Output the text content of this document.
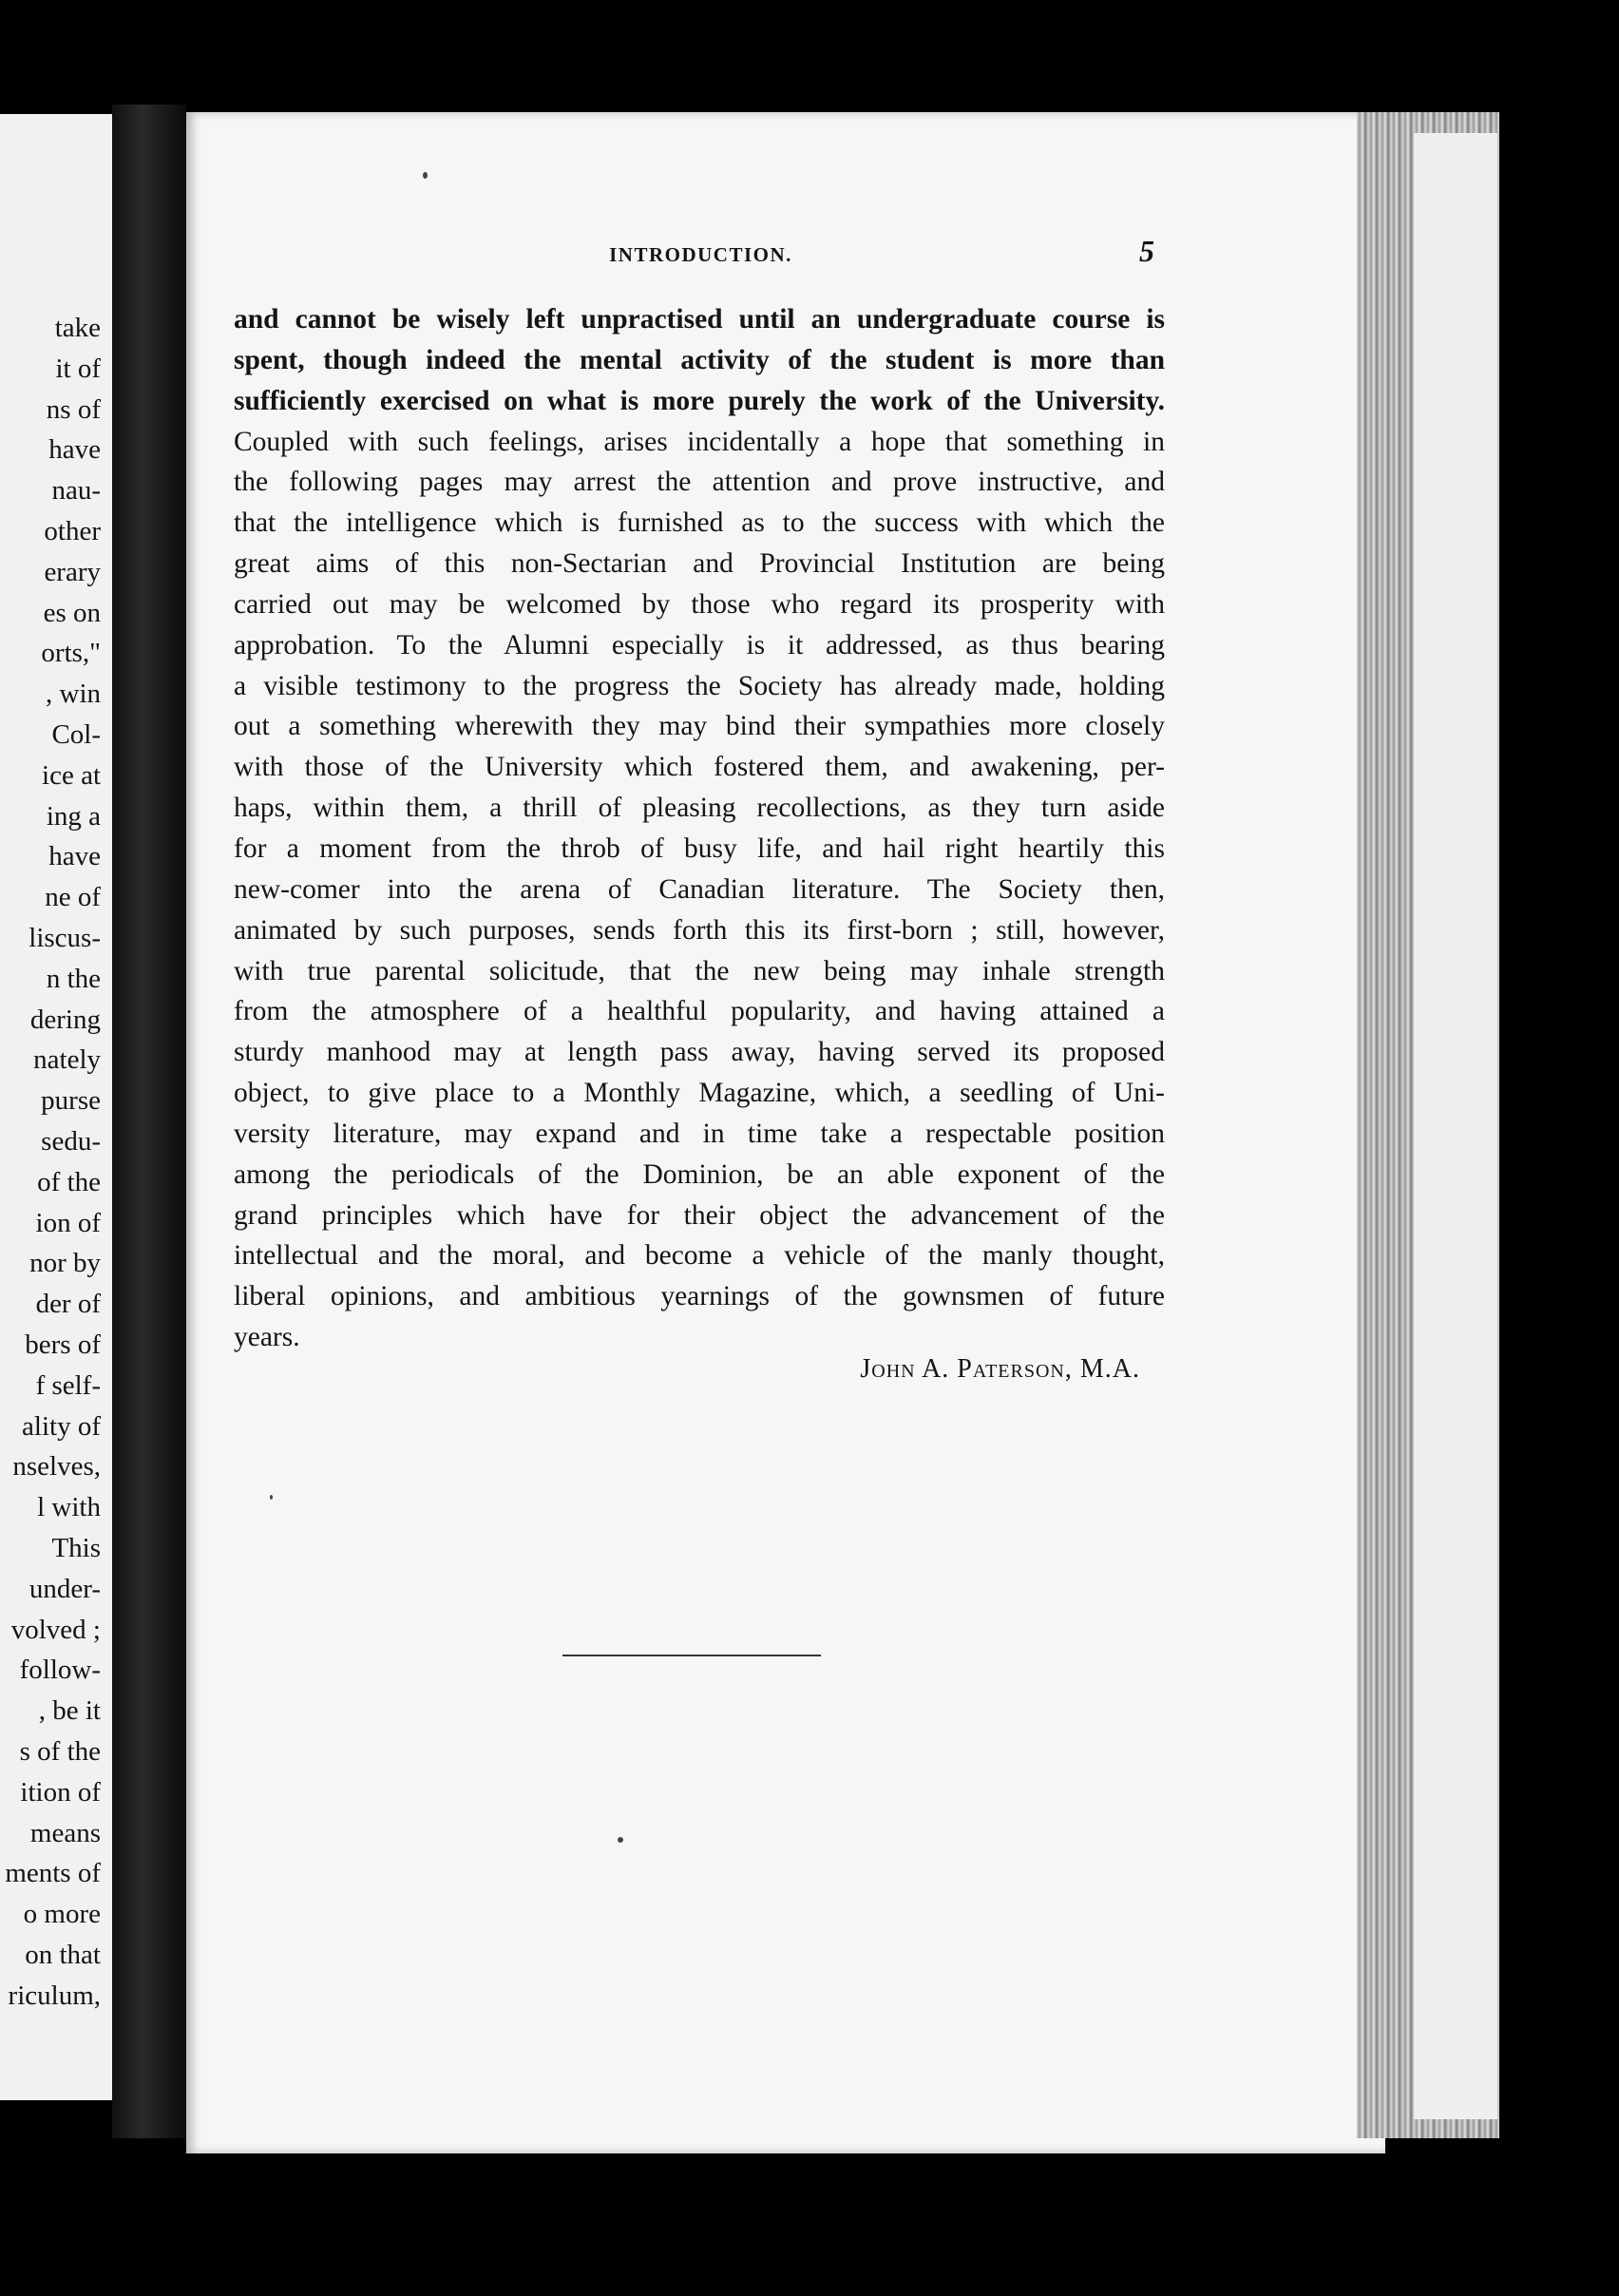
take
it of
ns of
have
nau-
other
erary
es on
orts,"
, win
Col-
ice at
ing a
have
ne of
liscus-
n the
dering
nately
purse
sedu-
of the
ion of
nor by
der of
bers of
f self-
ality of
nselves,
l with
This
under-
volved ;
follow-
, be it
s of the
ition of
means
ments of
o more
on that
riculum,
INTRODUCTION.	5
and cannot be wisely left unpractised until an undergraduate course is
spent, though indeed the mental activity of the student is more than
sufficiently exercised on what is more purely the work of the University.
Coupled with such feelings, arises incidentally a hope that something in
the following pages may arrest the attention and prove instructive, and
that the intelligence which is furnished as to the success with which the
great aims of this non-Sectarian and Provincial Institution are being
carried out may be welcomed by those who regard its prosperity with
approbation. To the Alumni especially is it addressed, as thus bearing
a visible testimony to the progress the Society has already made, holding
out a something wherewith they may bind their sympathies more closely
with those of the University which fostered them, and awakening, per-
haps, within them, a thrill of pleasing recollections, as they turn aside
for a moment from the throb of busy life, and hail right heartily this
new-comer into the arena of Canadian literature. The Society then,
animated by such purposes, sends forth this its first-born ; still, however,
with true parental solicitude, that the new being may inhale strength
from the atmosphere of a healthful popularity, and having attained a
sturdy manhood may at length pass away, having served its proposed
object, to give place to a Monthly Magazine, which, a seedling of Uni-
versity literature, may expand and in time take a respectable position
among the periodicals of the Dominion, be an able exponent of the
grand principles which have for their object the advancement of the
intellectual and the moral, and become a vehicle of the manly thought,
liberal opinions, and ambitious yearnings of the gownsmen of future
years.
John A. Paterson, M.A.
